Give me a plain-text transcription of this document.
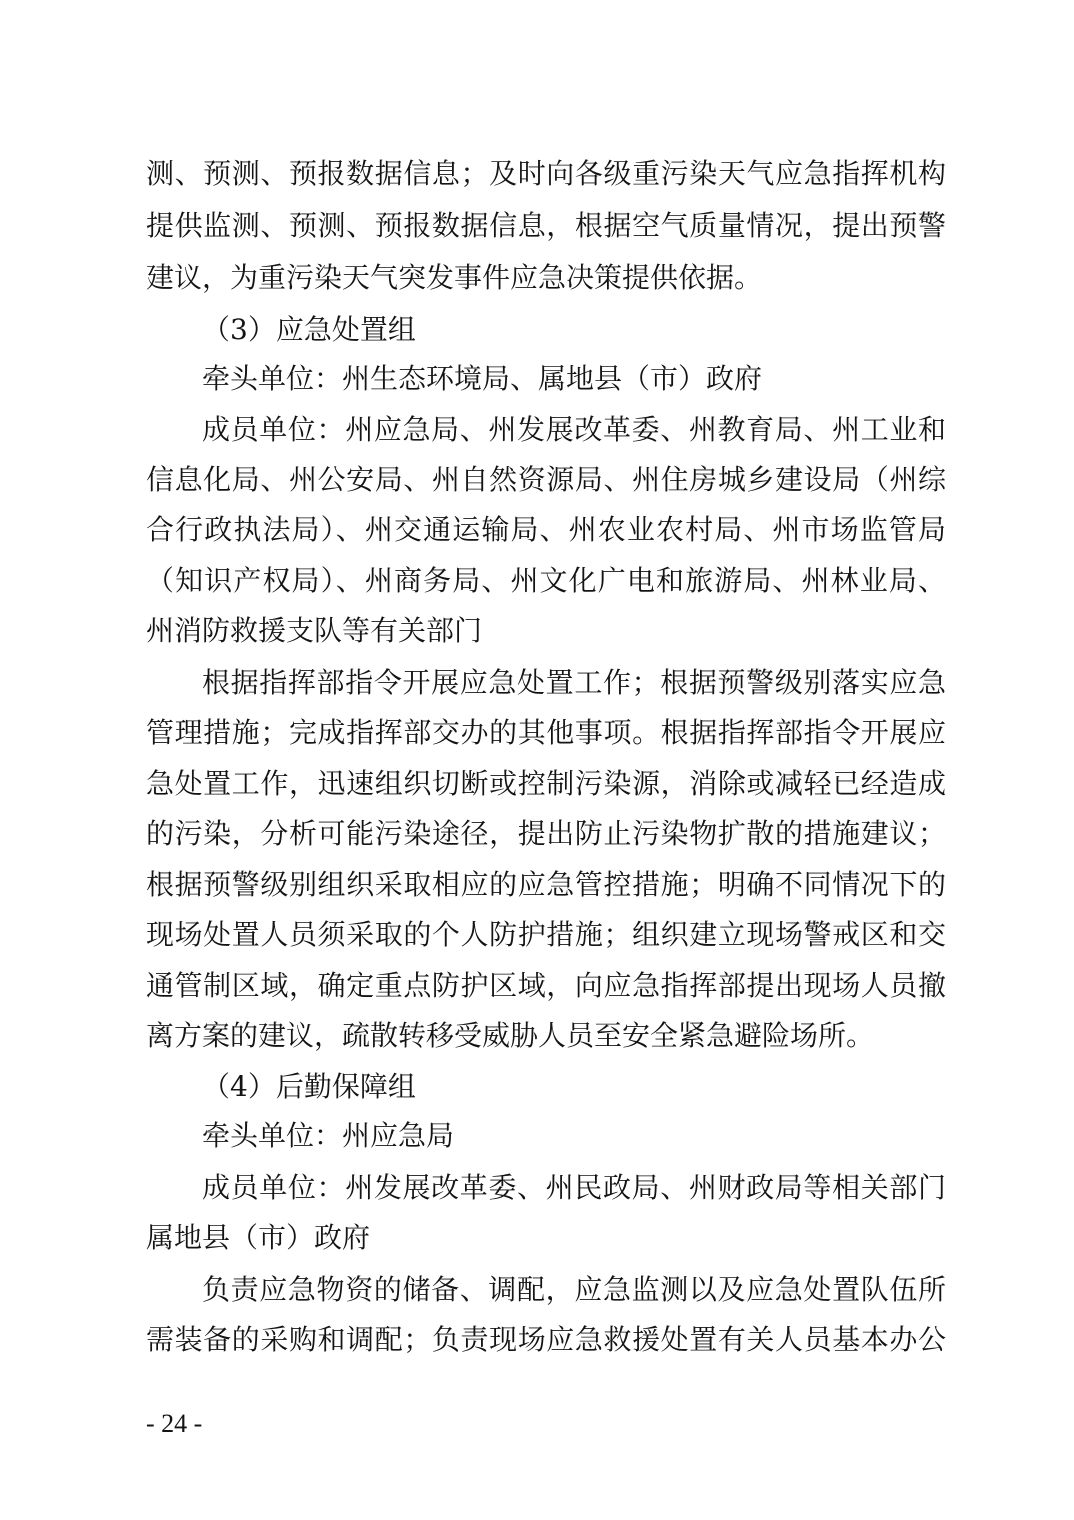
测、预测、预报数据信息；及时向各级重污染天气应急指挥机构
提供监测、预测、预报数据信息，根据空气质量情况，提出预警
建议，为重污染天气突发事件应急决策提供依据。
（3）应急处置组
牵头单位：州生态环境局、属地县（市）政府
成员单位：州应急局、州发展改革委、州教育局、州工业和
信息化局、州公安局、州自然资源局、州住房城乡建设局（州综
合行政执法局）、州交通运输局、州农业农村局、州市场监管局
（知识产权局）、州商务局、州文化广电和旅游局、州林业局、
州消防救援支队等有关部门
根据指挥部指令开展应急处置工作；根据预警级别落实应急
管理措施；完成指挥部交办的其他事项。根据指挥部指令开展应
急处置工作，迅速组织切断或控制污染源，消除或减轻已经造成
的污染，分析可能污染途径，提出防止污染物扩散的措施建议；
根据预警级别组织采取相应的应急管控措施；明确不同情况下的
现场处置人员须采取的个人防护措施；组织建立现场警戒区和交
通管制区域，确定重点防护区域，向应急指挥部提出现场人员撤
离方案的建议，疏散转移受威胁人员至安全紧急避险场所。
（4）后勤保障组
牵头单位：州应急局
成员单位：州发展改革委、州民政局、州财政局等相关部门
属地县（市）政府
负责应急物资的储备、调配，应急监测以及应急处置队伍所
需装备的采购和调配；负责现场应急救援处置有关人员基本办公
- 24 -
